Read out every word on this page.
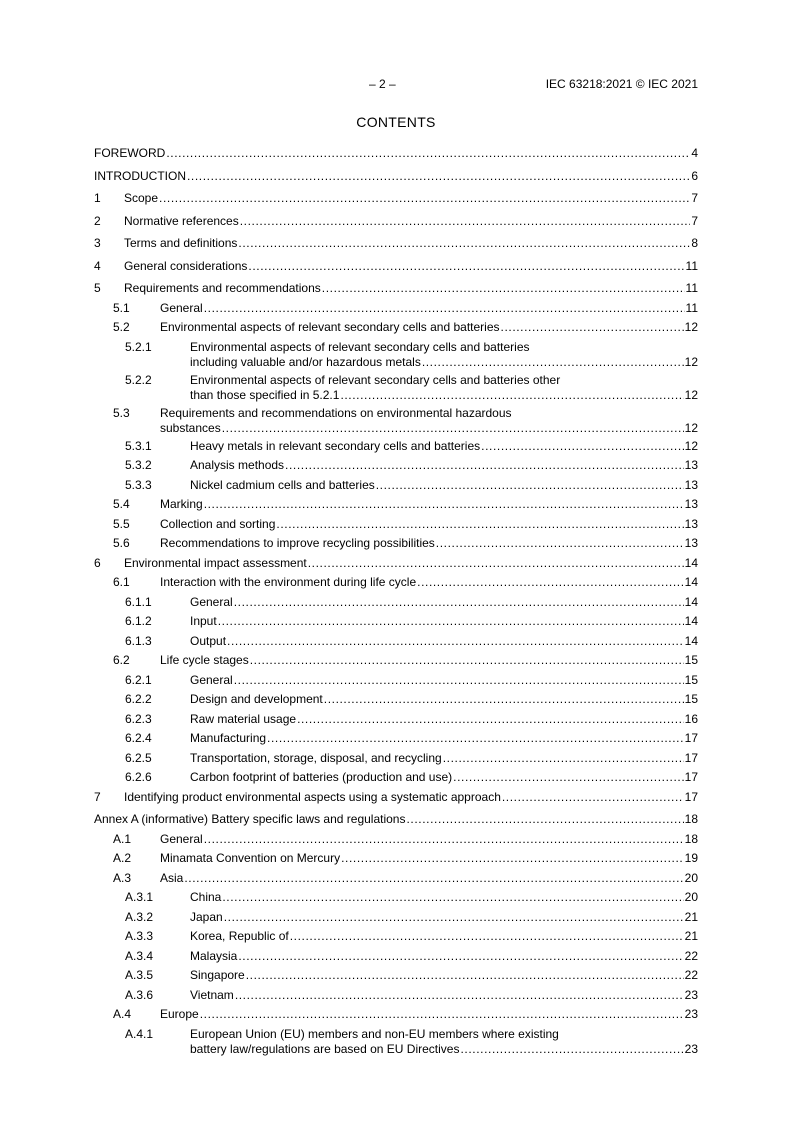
– 2 –	IEC 63218:2021 © IEC 2021
CONTENTS
FOREWORD .....	4
INTRODUCTION .....	6
1 Scope .....	7
2 Normative references .....	7
3 Terms and definitions .....	8
4 General considerations .....	11
5 Requirements and recommendations .....	11
5.1	General .....	11
5.2	Environmental aspects of relevant secondary cells and batteries .....	12
5.2.1	Environmental aspects of relevant secondary cells and batteries
including valuable and/or hazardous metals .....	12
5.2.2	Environmental aspects of relevant secondary cells and batteries other
than those specified in 5.2.1 .....	12
5.3	Requirements and recommendations on environmental hazardous
substances .....	12
5.3.1	Heavy metals in relevant secondary cells and batteries .....	12
5.3.2	Analysis methods .....	13
5.3.3	Nickel cadmium cells and batteries .....	13
5.4	Marking .....	13
5.5	Collection and sorting .....	13
5.6	Recommendations to improve recycling possibilities .....	13
6 Environmental impact assessment .....	14
6.1	Interaction with the environment during life cycle .....	14
6.1.1	General .....	14
6.1.2	Input .....	14
6.1.3	Output .....	14
6.2	Life cycle stages .....	15
6.2.1	General .....	15
6.2.2	Design and development .....	15
6.2.3	Raw material usage .....	16
6.2.4	Manufacturing .....	17
6.2.5	Transportation, storage, disposal, and recycling .....	17
6.2.6	Carbon footprint of batteries (production and use) .....	17
7 Identifying product environmental aspects using a systematic approach .....	17
Annex A (informative) Battery specific laws and regulations .....	18
A.1 General .....	18
A.2 Minamata Convention on Mercury .....	19
A.3 Asia .....	20
A.3.1	China .....	20
A.3.2	Japan .....	21
A.3.3	Korea, Republic of .....	21
A.3.4	Malaysia .....	22
A.3.5	Singapore .....	22
A.3.6	Vietnam .....	23
A.4 Europe .....	23
A.4.1	European Union (EU) members and non-EU members where existing
battery law/regulations are based on EU Directives .....	23
